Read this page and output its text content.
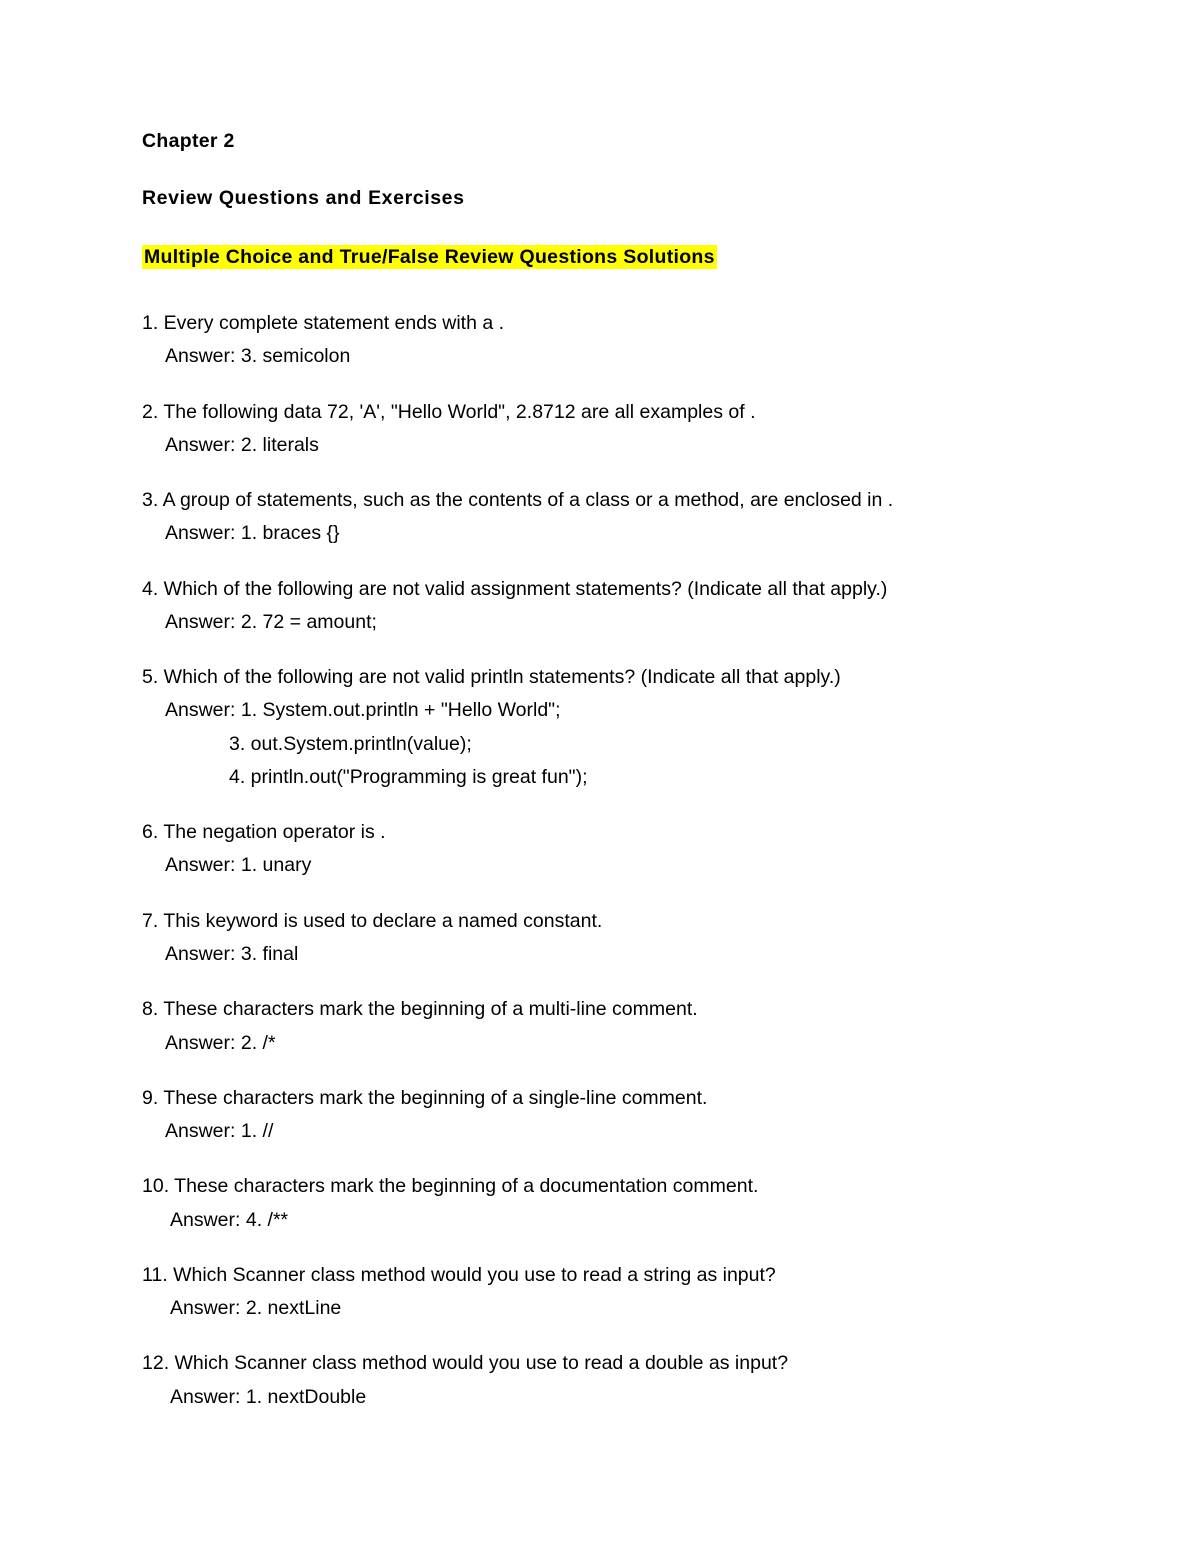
Chapter 2

Review Questions and Exercises

Multiple Choice and True/False Review Questions Solutions

1. Every complete statement ends with a .

Answer: 3. semicolon

2. The following data 72, 'A', "Hello World", 2.8712 are all examples of .

Answer: 2. literals

3. A group of statements, such as the contents of a class or a method, are enclosed in .

Answer: 1. braces {}

4. Which of the following are not valid assignment statements? (Indicate all that apply.)

Answer: 2. 72 = amount;

5. Which of the following are not valid println statements? (Indicate all that apply.)

Answer: 1. System.out.println + "Hello World";

3. out.System.println(value);

4. println.out("Programming is great fun");

6. The negation operator is .

Answer: 1. unary

7. This keyword is used to declare a named constant.

Answer: 3. final

8. These characters mark the beginning of a multi-line comment.

Answer: 2. /*

9. These characters mark the beginning of a single-line comment.

Answer: 1. //

10. These characters mark the beginning of a documentation comment.

Answer: 4. /**

11. Which Scanner class method would you use to read a string as input?

Answer: 2. nextLine

12. Which Scanner class method would you use to read a double as input?

Answer: 1. nextDouble
